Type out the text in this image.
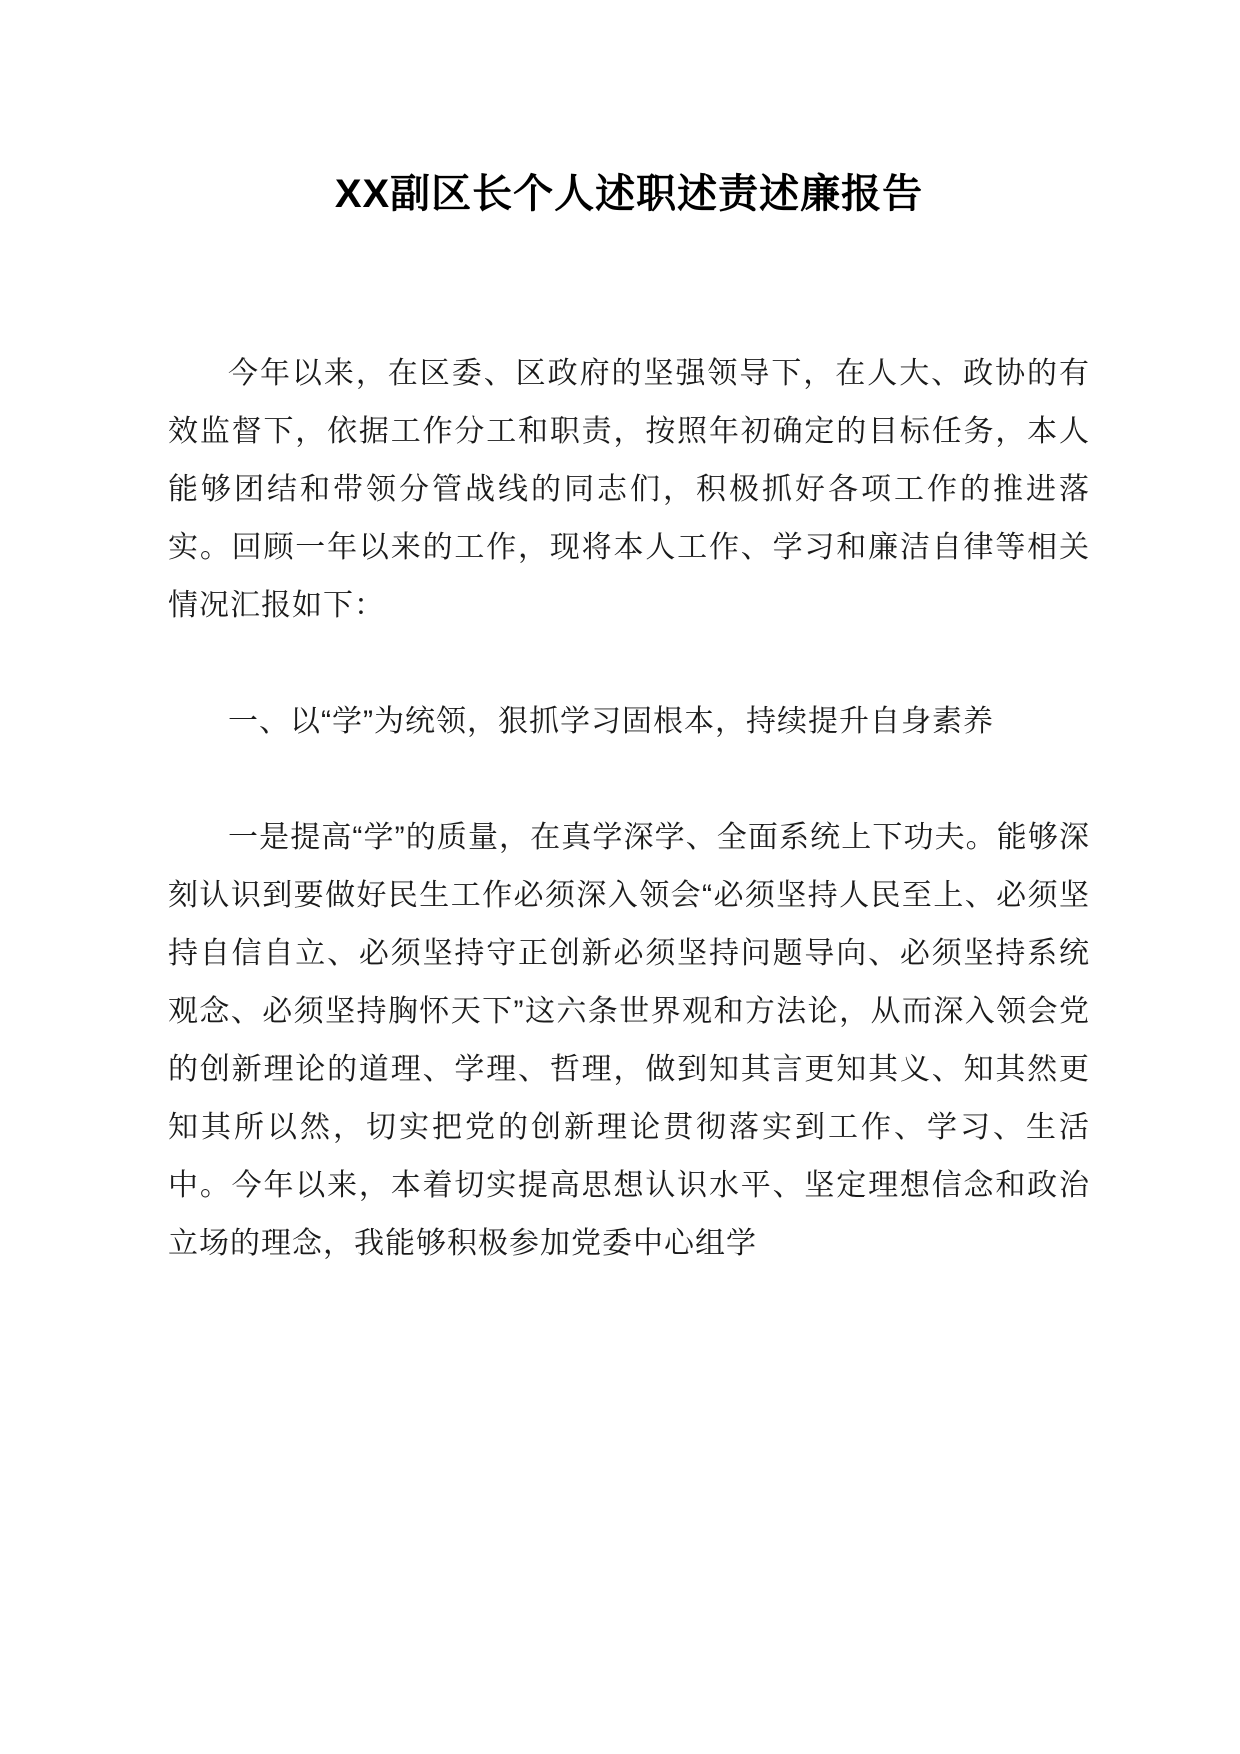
XX副区长个人述职述责述廉报告

今年以来，在区委、区政府的坚强领导下，在人大、政协的有效监督下，依据工作分工和职责，按照年初确定的目标任务，本人能够团结和带领分管战线的同志们，积极抓好各项工作的推进落实。回顾一年以来的工作，现将本人工作、学习和廉洁自律等相关情况汇报如下：

一、以“学”为统领，狠抓学习固根本，持续提升自身素养

一是提高“学”的质量，在真学深学、全面系统上下功夫。能够深刻认识到要做好民生工作必须深入领会“必须坚持人民至上、必须坚持自信自立、必须坚持守正创新必须坚持问题导向、必须坚持系统观念、必须坚持胸怀天下”这六条世界观和方法论，从而深入领会党的创新理论的道理、学理、哲理，做到知其言更知其义、知其然更知其所以然，切实把党的创新理论贯彻落实到工作、学习、生活中。今年以来，本着切实提高思想认识水平、坚定理想信念和政治立场的理念，我能够积极参加党委中心组学
